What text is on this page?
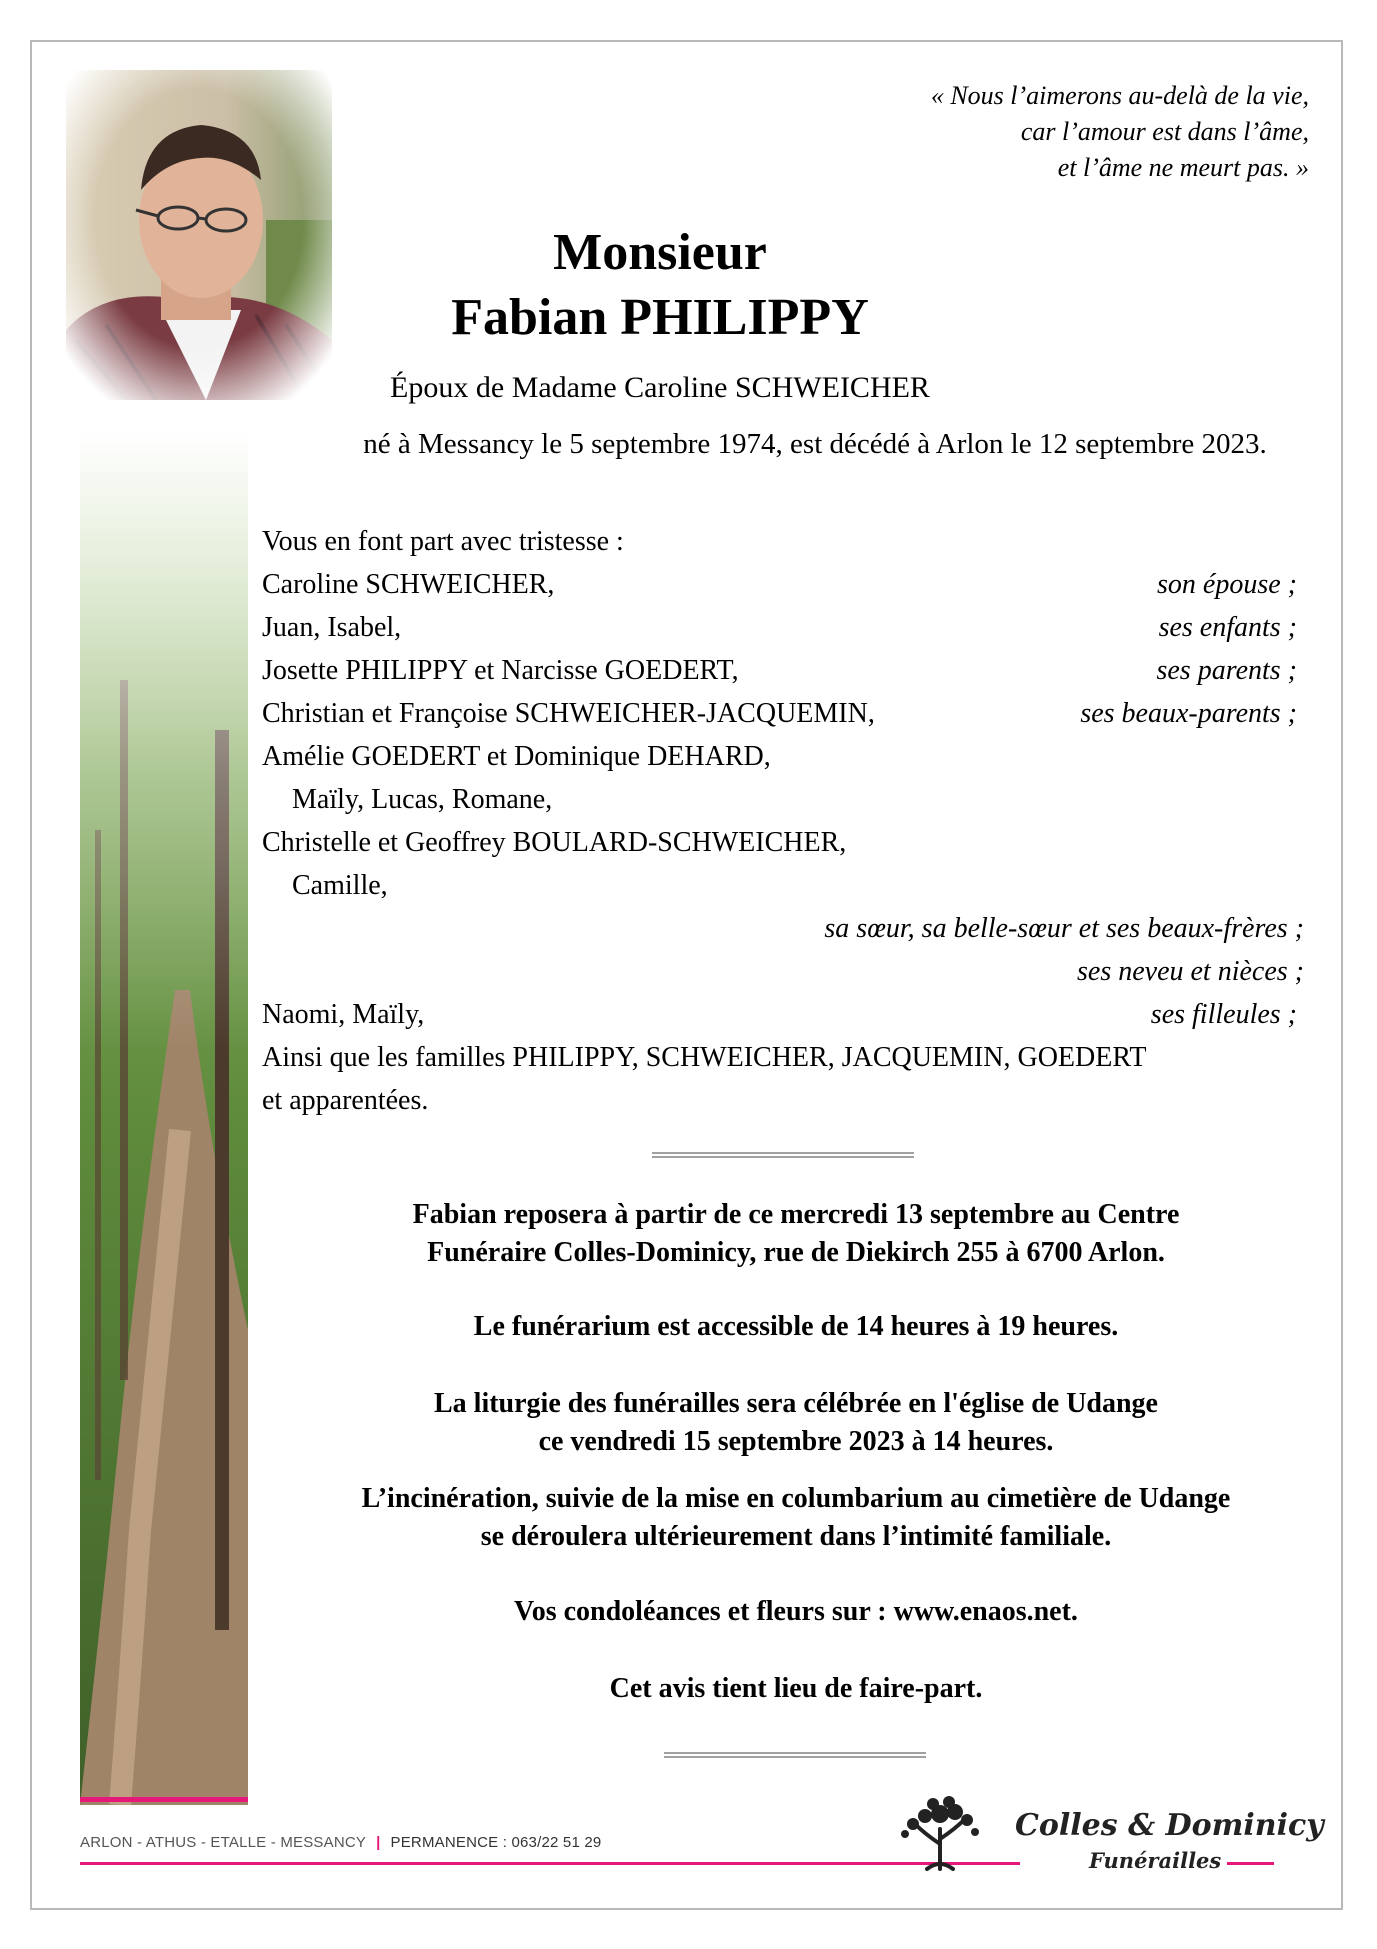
« Nous l’aimerons au-delà de la vie,
car l’amour est dans l’âme,
et l’âme ne meurt pas. »
Monsieur
Fabian PHILIPPY
Époux de Madame Caroline SCHWEICHER
né à Messancy le 5 septembre 1974, est décédé à Arlon le 12 septembre 2023.
Vous en font part avec tristesse :
Caroline SCHWEICHER,	son épouse ;
Juan, Isabel,	ses enfants ;
Josette PHILIPPY et Narcisse GOEDERT,	ses parents ;
Christian et Françoise SCHWEICHER-JACQUEMIN,	ses beaux-parents ;
Amélie GOEDERT et Dominique DEHARD,
Maïly, Lucas, Romane,
Christelle et Geoffrey BOULARD-SCHWEICHER,
Camille,
sa sœur, sa belle-sœur et ses beaux-frères ;
ses neveu et nièces ;
Naomi, Maïly,	ses filleules ;
Ainsi que les familles PHILIPPY, SCHWEICHER, JACQUEMIN, GOEDERT
et apparentées.
Fabian reposera à partir de ce mercredi 13 septembre au Centre
Funéraire Colles-Dominicy, rue de Diekirch 255 à 6700 Arlon.
Le funérarium est accessible de 14 heures à 19 heures.
La liturgie des funérailles sera célébrée en l'église de Udange
ce vendredi 15 septembre 2023 à 14 heures.
L’incinération, suivie de la mise en columbarium au cimetière de Udange
se déroulera ultérieurement dans l’intimité familiale.
Vos condoléances et fleurs sur : www.enaos.net.
Cet avis tient lieu de faire-part.
ARLON - ATHUS - ETALLE - MESSANCY | PERMANENCE : 063/22 51 29	Colles & Dominicy
Funérailles
